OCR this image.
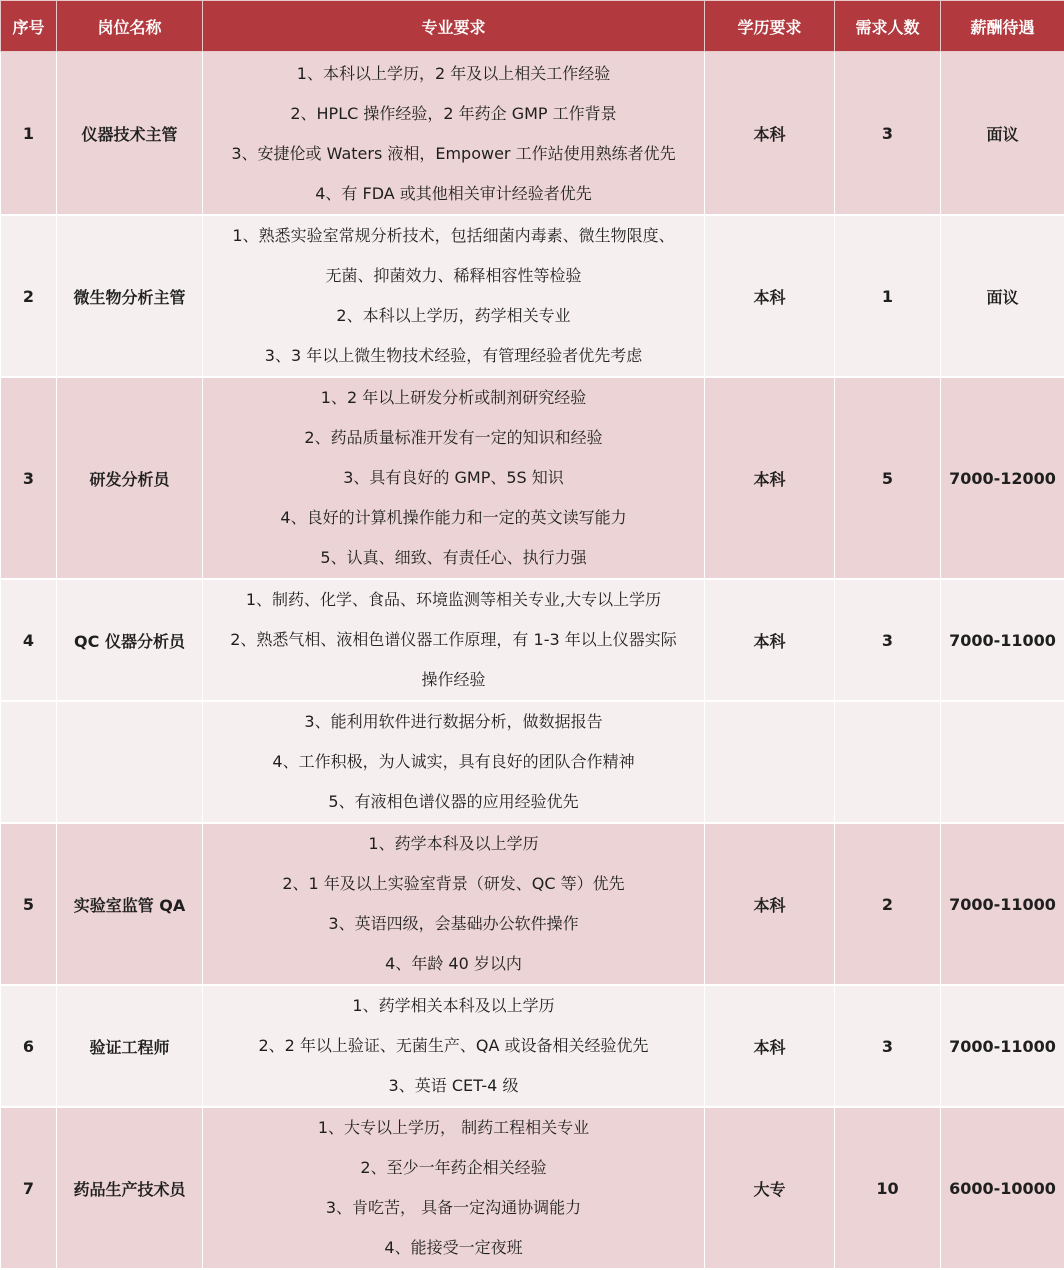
序号	岗位名称	专业要求	学历要求	需求人数	薪酬待遇
1	仪器技术主管	1、本科以上学历，2 年及以上相关工作经验
2、HPLC 操作经验，2 年药企 GMP 工作背景
3、安捷伦或 Waters 液相，Empower 工作站使用熟练者优先
4、有 FDA 或其他相关审计经验者优先	本科	3	面议
2	微生物分析主管	1、熟悉实验室常规分析技术，包括细菌内毒素、微生物限度、
无菌、抑菌效力、稀释相容性等检验
2、本科以上学历，药学相关专业
3、3 年以上微生物技术经验，有管理经验者优先考虑	本科	1	面议
3	研发分析员	1、2 年以上研发分析或制剂研究经验
2、药品质量标准开发有一定的知识和经验
3、具有良好的 GMP、5S 知识
4、良好的计算机操作能力和一定的英文读写能力
5、认真、细致、有责任心、执行力强	本科	5	7000-12000
4	QC 仪器分析员	1、制药、化学、食品、环境监测等相关专业,大专以上学历
2、熟悉气相、液相色谱仪器工作原理，有 1-3 年以上仪器实际
操作经验	本科	3	7000-11000

		3、能利用软件进行数据分析，做数据报告
4、工作积极，为人诚实，具有良好的团队合作精神
5、有液相色谱仪器的应用经验优先			

5	实验室监管 QA	1、药学本科及以上学历
2、1 年及以上实验室背景（研发、QC 等）优先
3、英语四级，会基础办公软件操作
4、年龄 40 岁以内	本科	2	7000-11000
6	验证工程师	1、药学相关本科及以上学历
2、2 年以上验证、无菌生产、QA 或设备相关经验优先
3、英语 CET-4 级	本科	3	7000-11000
7	药品生产技术员	1、大专以上学历， 制药工程相关专业
2、至少一年药企相关经验
3、肯吃苦， 具备一定沟通协调能力
4、能接受一定夜班	大专	10	6000-10000
